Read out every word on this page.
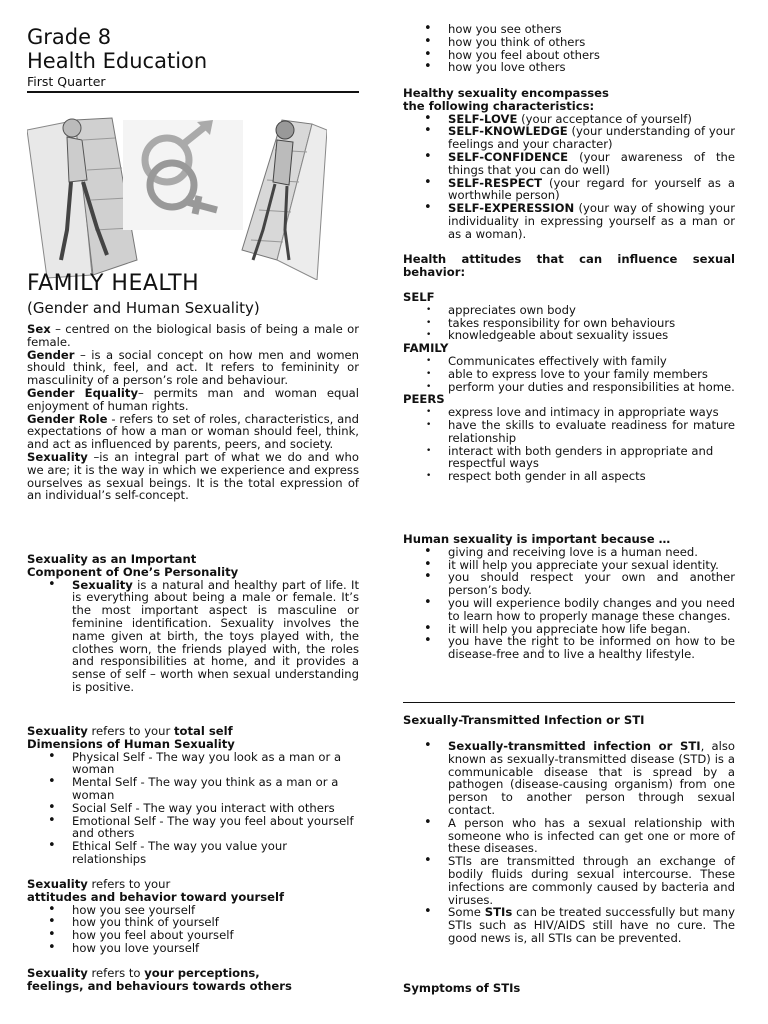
Grade 8
Health Education
First Quarter
FAMILY HEALTH
(Gender and Human Sexuality)

Sex – centred on the biological basis of being a male or female.

Gender – is a social concept on how men and women should think, feel, and act. It refers to femininity or masculinity of a person’s role and behaviour.

Gender Equality– permits man and woman equal enjoyment of human rights.

Gender Role - refers to set of roles, characteristics, and expectations of how a man or woman should feel, think, and act as influenced by parents, peers, and society.

Sexuality –is an integral part of what we do and who we are; it is the way in which we experience and express ourselves as sexual beings. It is the total expression of an individual’s self-concept.

Sexuality as an Important

Component of One’s Personality

• Sexuality is a natural and healthy part of life. It is everything about being a male or female. It’s the most important aspect is masculine or feminine identification. Sexuality involves the name given at birth, the toys played with, the clothes worn, the friends played with, the roles and responsibilities at home, and it provides a sense of self – worth when sexual understanding is positive.

Sexuality refers to your total self

Dimensions of Human Sexuality

• Physical Self - The way you look as a man or a woman
• Mental Self - The way you think as a man or a woman
• Social Self - The way you interact with others
• Emotional Self - The way you feel about yourself and others
• Ethical Self - The way you value your relationships

Sexuality refers to your

attitudes and behavior toward yourself

• how you see yourself
• how you think of yourself
• how you feel about yourself
• how you love yourself

Sexuality refers to your perceptions,

feelings, and behaviours towards others

• how you see others
• how you think of others
• how you feel about others
• how you love others

Healthy sexuality encompasses

the following characteristics:

• SELF-LOVE (your acceptance of yourself)
• SELF-KNOWLEDGE (your understanding of your feelings and your character)
• SELF-CONFIDENCE (your awareness of the things that you can do well)
• SELF-RESPECT (your regard for yourself as a worthwhile person)
• SELF-EXPERESSION (your way of showing your individuality in expressing yourself as a man or as a woman).
Health attitudes that can influence sexual behavior:

SELF

• appreciates own body
• takes responsibility for own behaviours
• knowledgeable about sexuality issues

FAMILY

• Communicates effectively with family
• able to express love to your family members
• perform your duties and responsibilities at home.

PEERS

• express love and intimacy in appropriate ways
• have the skills to evaluate readiness for mature relationship
• interact with both genders in appropriate and
respectful ways
• respect both gender in all aspects

Human sexuality is important because …

• giving and receiving love is a human need.
• it will help you appreciate your sexual identity.
• you should respect your own and another person’s body.
• you will experience bodily changes and you need to learn how to properly manage these changes.
• it will help you appreciate how life began.
• you have the right to be informed on how to be disease-free and to live a healthy lifestyle.
Sexually-Transmitted Infection or STI
• Sexually-transmitted infection or STI, also known as sexually-transmitted disease (STD) is a communicable disease that is spread by a pathogen (disease-causing organism) from one person to another person through sexual contact.
• A person who has a sexual relationship with someone who is infected can get one or more of these diseases.
• STIs are transmitted through an exchange of bodily fluids during sexual intercourse. These infections are commonly caused by bacteria and viruses.
• Some STIs can be treated successfully but many STIs such as HIV/AIDS still have no cure. The good news is, all STIs can be prevented.
Symptoms of STIs
